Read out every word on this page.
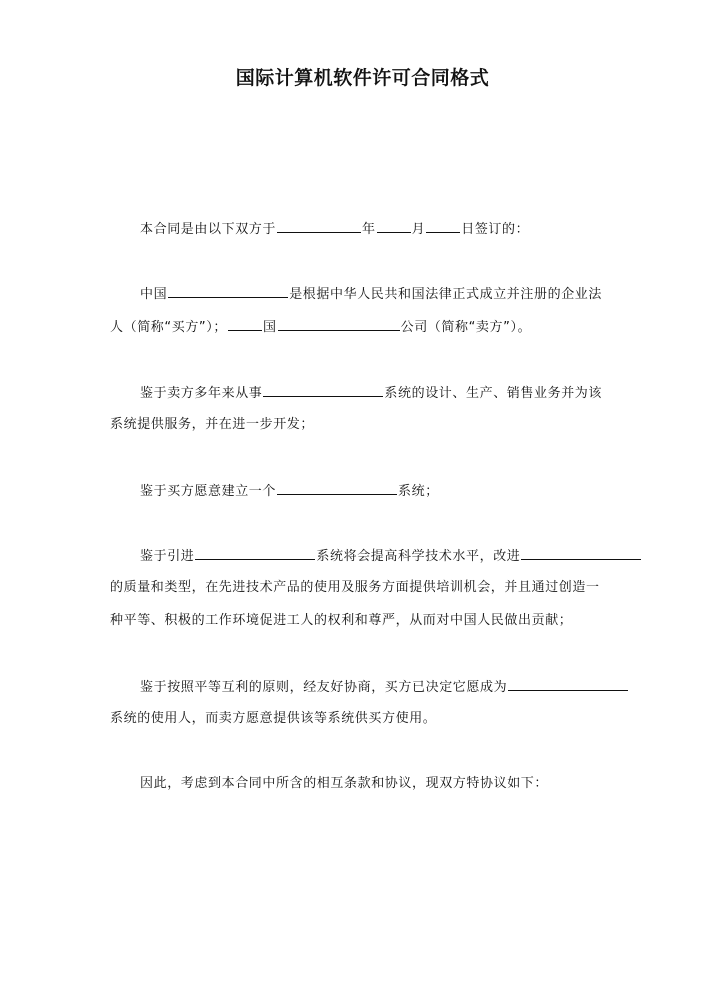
国际计算机软件许可合同格式
本合同是由以下双方于	年	月	日签订的：
中国	是根据中华人民共和国法律正式成立并注册的企业法
人（简称“买方”）；	国	公司（简称“卖方”）。
鉴于卖方多年来从事	系统的设计、生产、销售业务并为该
系统提供服务，并在进一步开发；
鉴于买方愿意建立一个	系统；
鉴于引进	系统将会提高科学技术水平，改进
的质量和类型，在先进技术产品的使用及服务方面提供培训机会，并且通过创造一
种平等、积极的工作环境促进工人的权利和尊严，从而对中国人民做出贡献；
鉴于按照平等互利的原则，经友好协商，买方已决定它愿成为
系统的使用人，而卖方愿意提供该等系统供买方使用。
因此，考虑到本合同中所含的相互条款和协议，现双方特协议如下：
